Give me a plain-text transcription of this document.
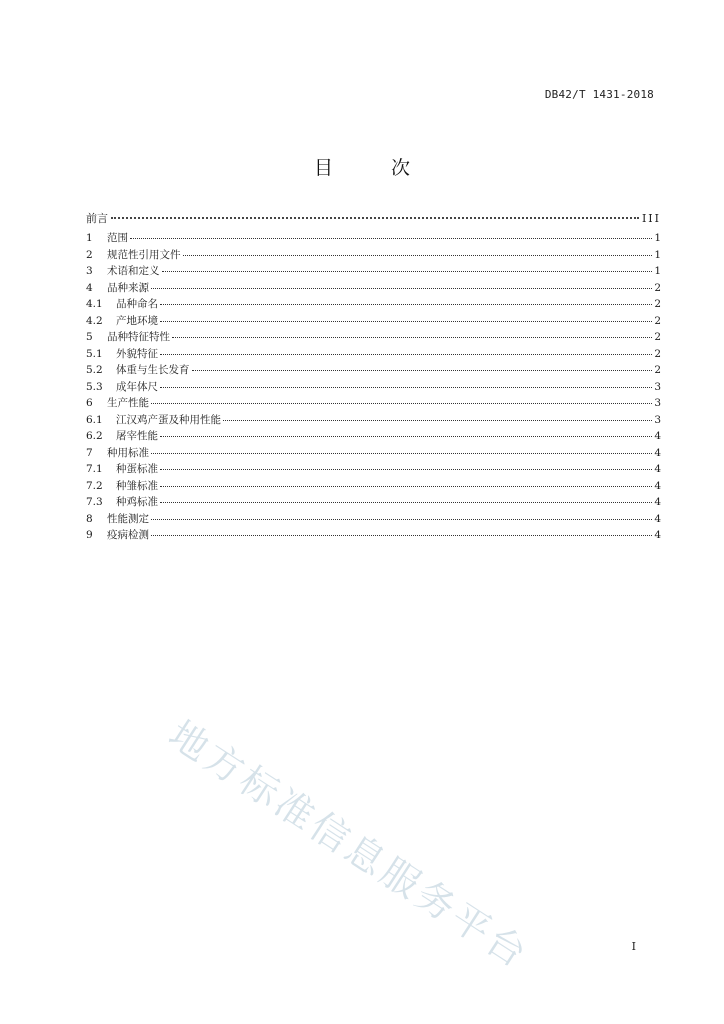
DB42/T 1431-2018
目 次
前言	III
1	范围	1
2	规范性引用文件	1
3	术语和定义	1
4	品种来源	2
4.1	品种命名	2
4.2	产地环境	2
5	品种特征特性	2
5.1	外貌特征	2
5.2	体重与生长发育	2
5.3	成年体尺	3
6	生产性能	3
6.1	江汉鸡产蛋及种用性能	3
6.2	屠宰性能	4
7	种用标准	4
7.1	种蛋标准	4
7.2	种雏标准	4
7.3	种鸡标准	4
8	性能测定	4
9	疫病检测	4
地方标准信息服务平台	I
